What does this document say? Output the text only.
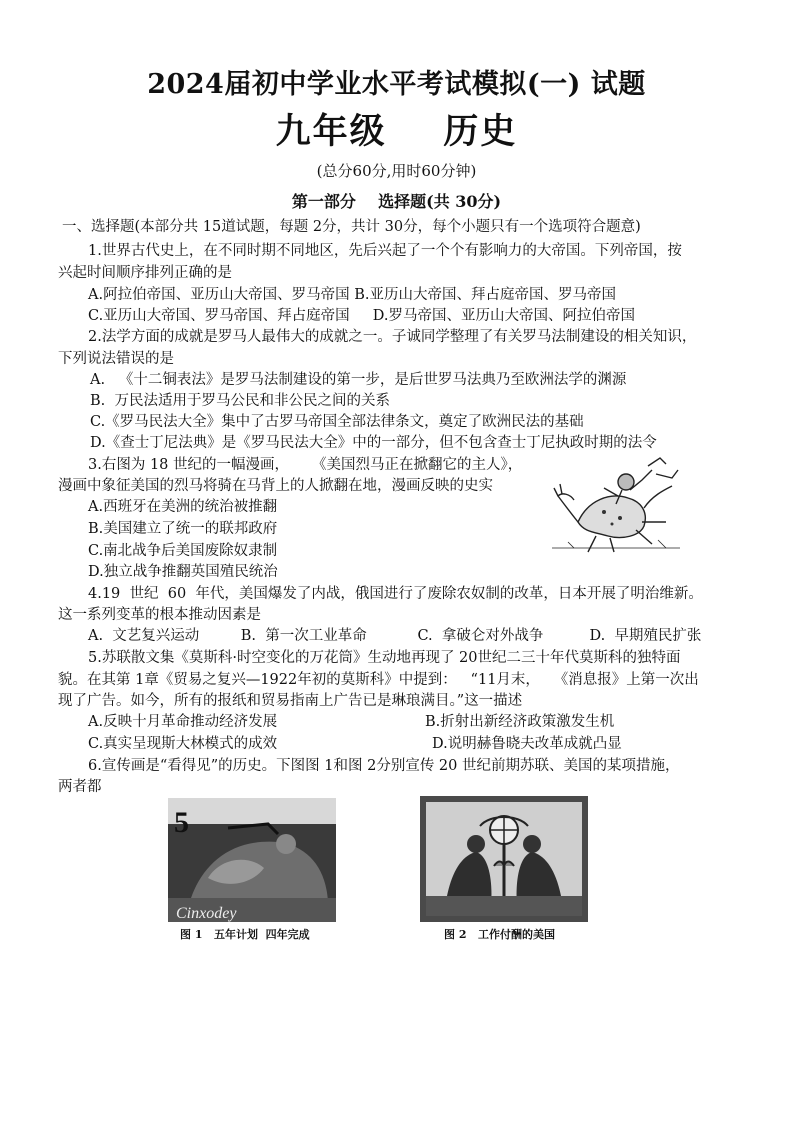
2024届初中学业水平考试模拟(一) 试题
九年级    历史
(总分60分,用时60分钟)
第一部分    选择题(共 30分)
一、选择题(本部分共 15道试题，每题 2分，共计 30分，每个小题只有一个选项符合题意)
1.世界古代史上，在不同时期不同地区，先后兴起了一个个有影响力的大帝国。下列帝国，按
兴起时间顺序排列正确的是
A.阿拉伯帝国、亚历山大帝国、罗马帝国 B.亚历山大帝国、拜占庭帝国、罗马帝国
C.亚历山大帝国、罗马帝国、拜占庭帝国     D.罗马帝国、亚历山大帝国、阿拉伯帝国
2.法学方面的成就是罗马人最伟大的成就之一。子诚同学整理了有关罗马法制建设的相关知识，
下列说法错误的是
A.   《十二铜表法》是罗马法制建设的第一步，是后世罗马法典乃至欧洲法学的渊源
B.  万民法适用于罗马公民和非公民之间的关系
C.《罗马民法大全》集中了古罗马帝国全部法律条文，奠定了欧洲民法的基础
D.《查士丁尼法典》是《罗马民法大全》中的一部分，但不包含查士丁尼执政时期的法令
3.右图为 18 世纪的一幅漫画，     《美国烈马正在掀翻它的主人》，
漫画中象征美国的烈马将骑在马背上的人掀翻在地，漫画反映的史实
A.西班牙在美洲的统治被推翻
B.美国建立了统一的联邦政府
C.南北战争后美国废除奴隶制
D.独立战争推翻英国殖民统治
4.19  世纪  60  年代，美国爆发了内战，俄国进行了废除农奴制的改革，日本开展了明治维新。
这一系列变革的根本推动因素是
A.  文艺复兴运动         B.  第一次工业革命           C.  拿破仑对外战争          D.  早期殖民扩张
5.苏联散文集《莫斯科·时空变化的万花筒》生动地再现了 20世纪二三十年代莫斯科的独特面
貌。在其第 1章《贸易之复兴—1922年初的莫斯科》中提到：   “11月末，   《消息报》上第一次出
现了广告。如今，所有的报纸和贸易指南上广告已是琳琅满目。”这一描述
A.反映十月革命推动经济发展	B.折射出新经济政策激发生机
C.真实呈现斯大林模式的成效	D.说明赫鲁晓夫改革成就凸显
6.宣传画是“看得见”的历史。下图图 1和图 2分别宣传 20 世纪前期苏联、美国的某项措施，
两者都
5
Cinxodey
图 1   五年计划  四年完成	图 2   工作付酬的美国
